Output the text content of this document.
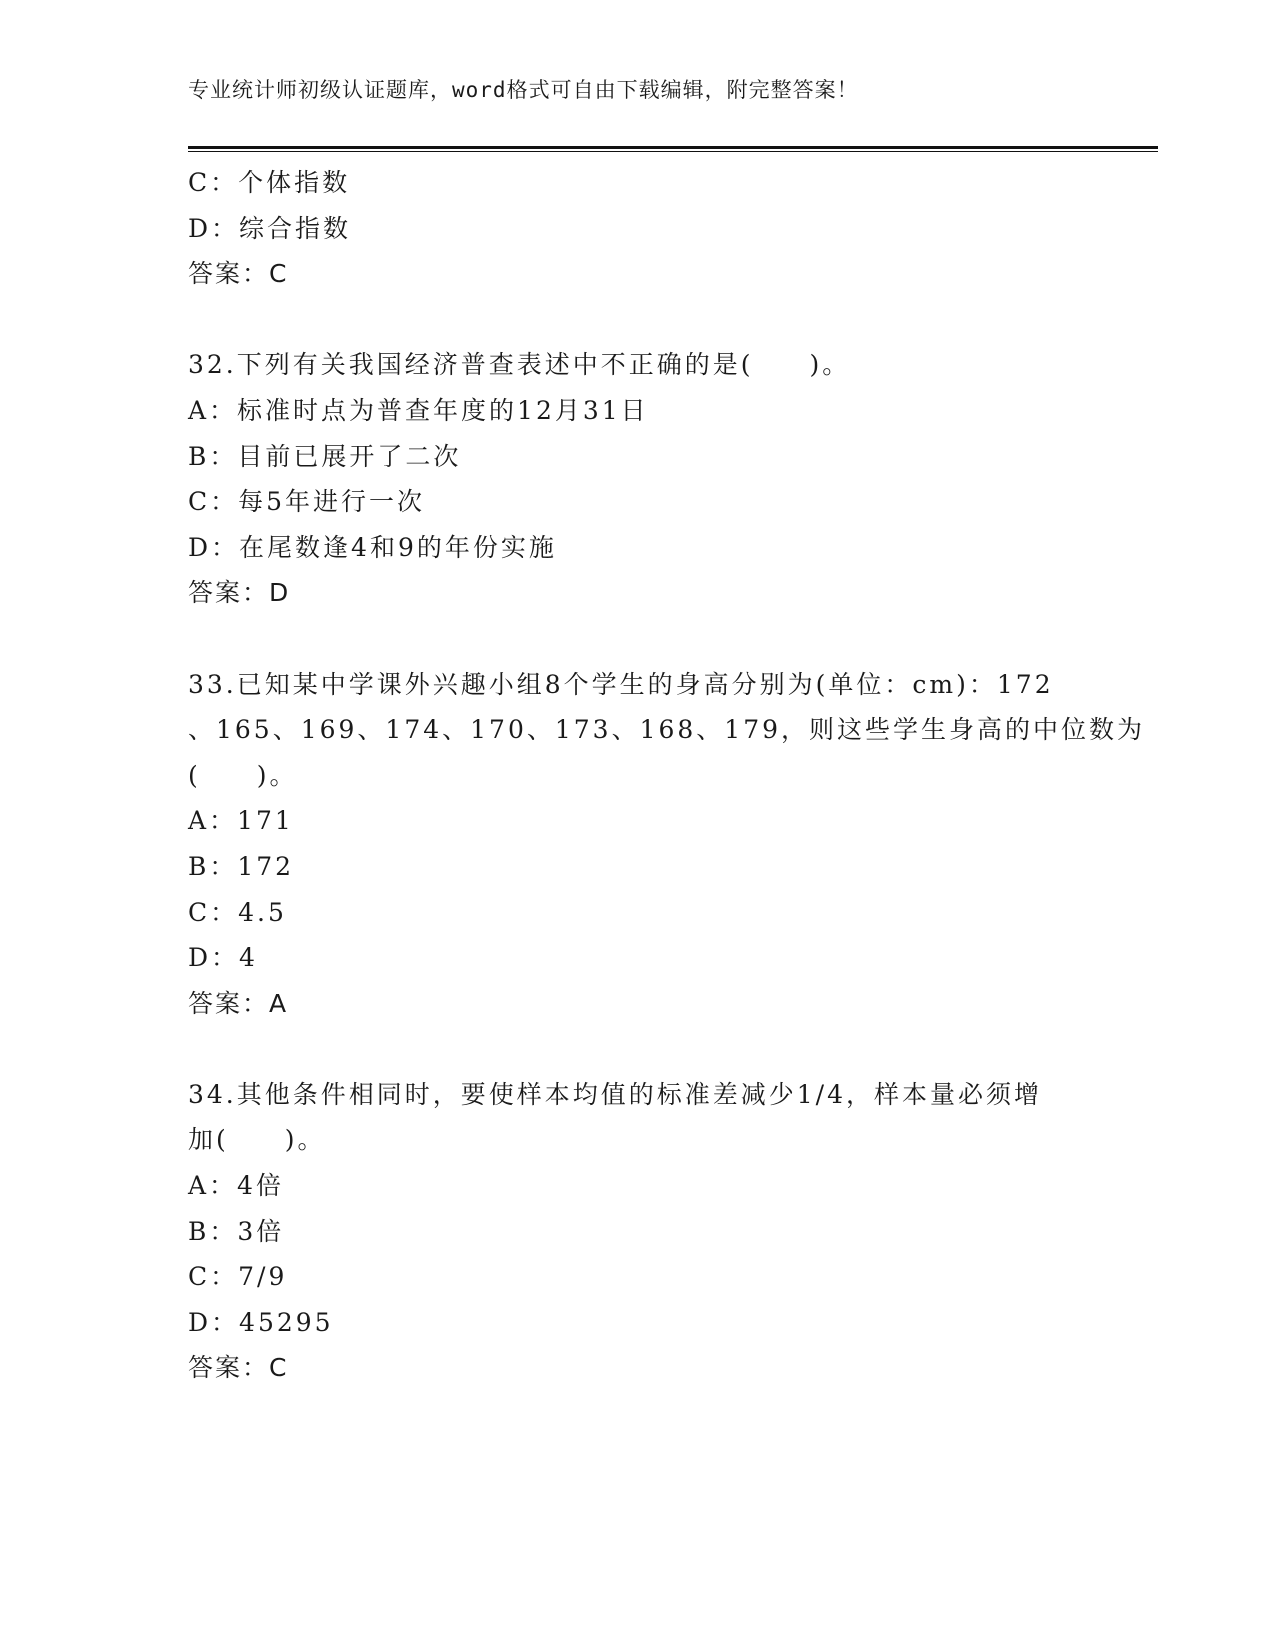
专业统计师初级认证题库，word格式可自由下载编辑，附完整答案！
C：个体指数
D：综合指数
答案：C
32.下列有关我国经济普查表述中不正确的是(　　)。
A：标准时点为普查年度的12月31日
B：目前已展开了二次
C：每5年进行一次
D：在尾数逢4和9的年份实施
答案：D
33.已知某中学课外兴趣小组8个学生的身高分别为(单位：cm)：172
、165、169、174、170、173、168、179，则这些学生身高的中位数为
(　　)。
A：171
B：172
C：4.5
D：4
答案：A
34.其他条件相同时，要使样本均值的标准差减少1/4，样本量必须增
加(　　)。
A：4倍
B：3倍
C：7/9
D：45295
答案：C
